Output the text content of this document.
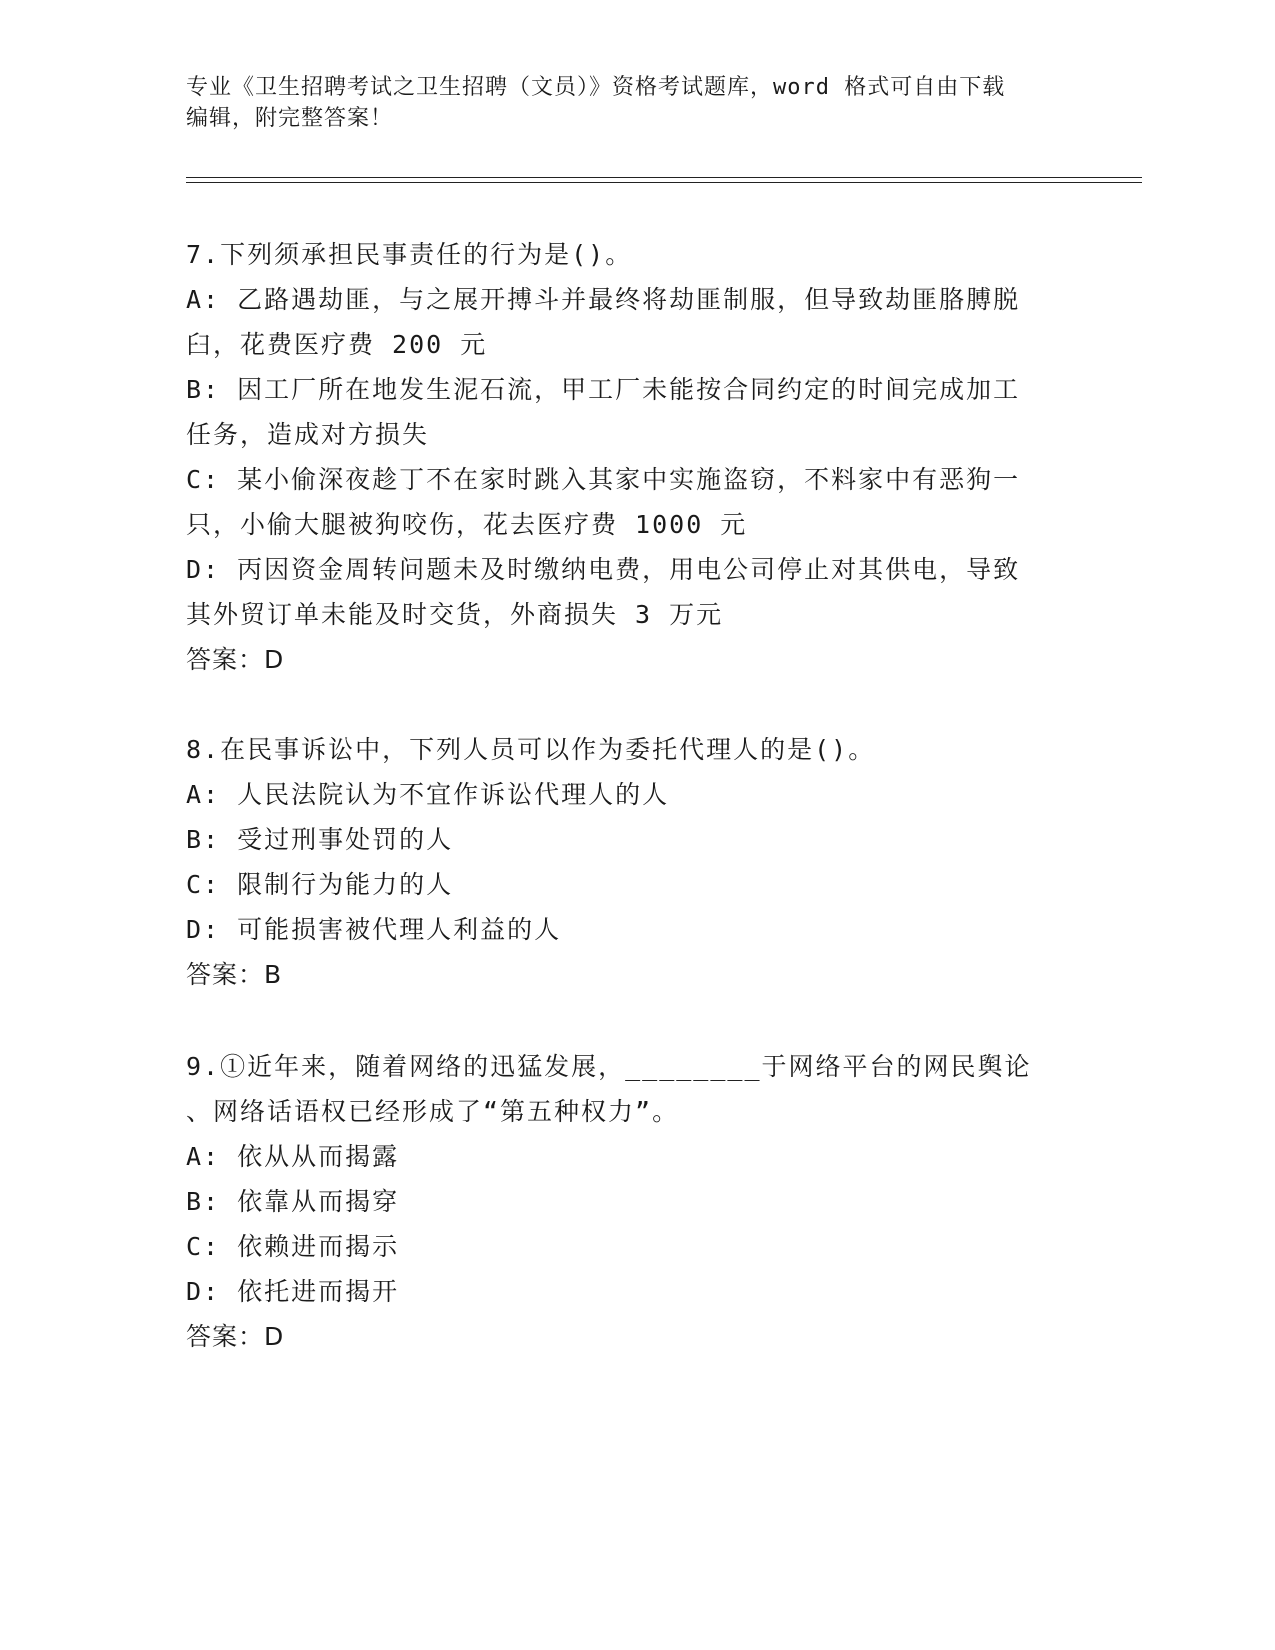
专业《卫生招聘考试之卫生招聘（文员）》资格考试题库，word 格式可自由下载
编辑，附完整答案！
7.下列须承担民事责任的行为是()。
A: 乙路遇劫匪，与之展开搏斗并最终将劫匪制服，但导致劫匪胳膊脱
臼，花费医疗费 200 元
B: 因工厂所在地发生泥石流，甲工厂未能按合同约定的时间完成加工
任务，造成对方损失
C: 某小偷深夜趁丁不在家时跳入其家中实施盗窃，不料家中有恶狗一
只，小偷大腿被狗咬伤，花去医疗费 1000 元
D: 丙因资金周转问题未及时缴纳电费，用电公司停止对其供电，导致
其外贸订单未能及时交货，外商损失 3 万元
答案：D
8.在民事诉讼中，下列人员可以作为委托代理人的是()。
A: 人民法院认为不宜作诉讼代理人的人
B: 受过刑事处罚的人
C: 限制行为能力的人
D: 可能损害被代理人利益的人
答案：B
9.①近年来，随着网络的迅猛发展，________于网络平台的网民舆论
、网络话语权已经形成了“第五种权力”。
A: 依从从而揭露
B: 依靠从而揭穿
C: 依赖进而揭示
D: 依托进而揭开
答案：D
